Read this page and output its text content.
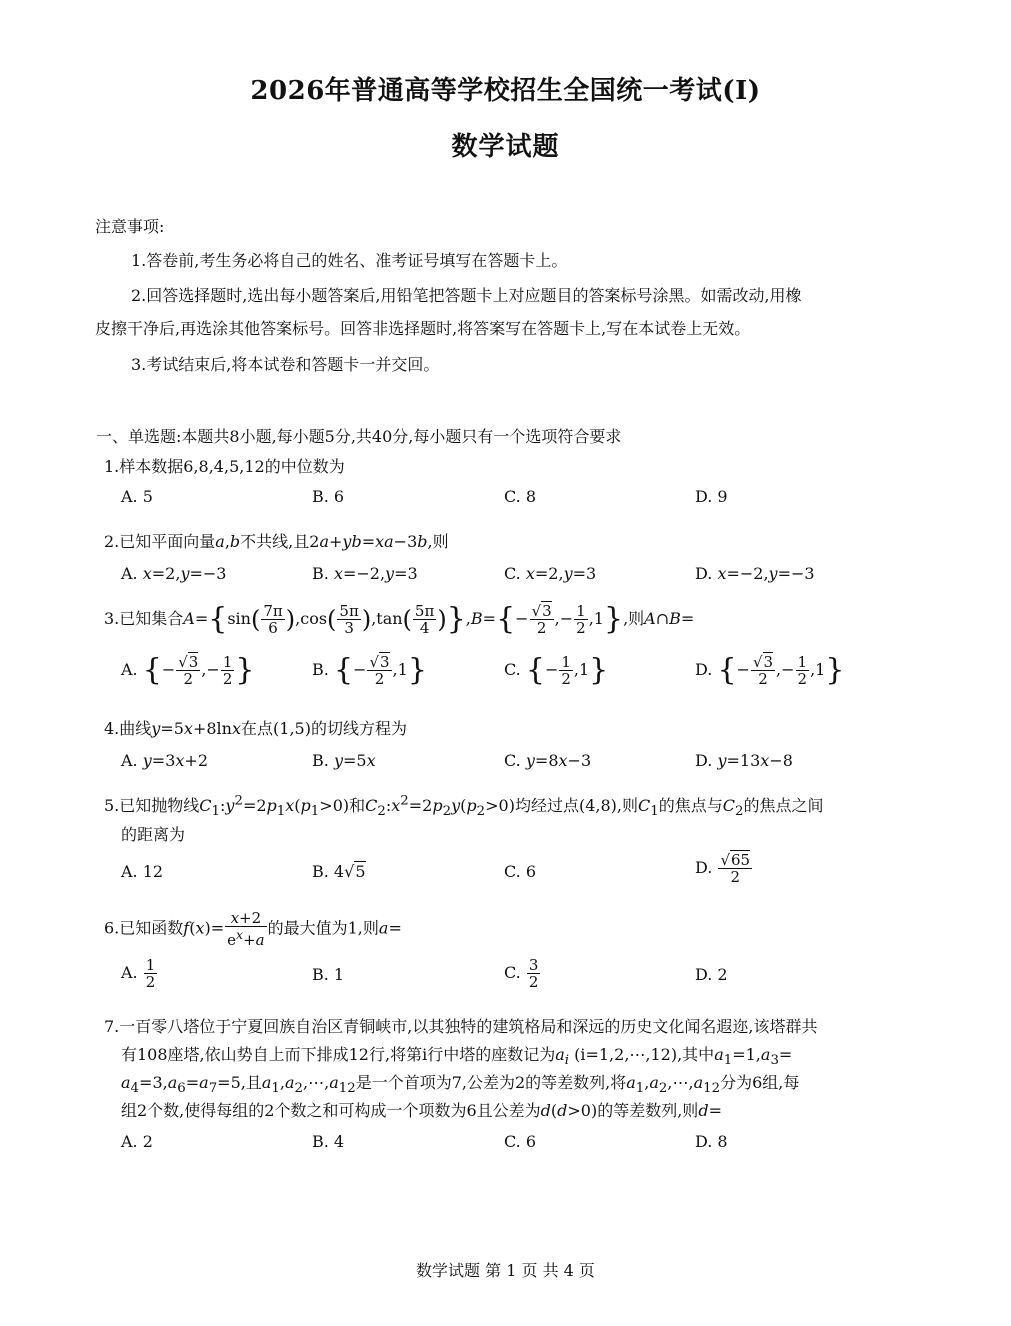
2026年普通高等学校招生全国统一考试(I)
数学试题
注意事项:
1.答卷前,考生务必将自己的姓名、准考证号填写在答题卡上。
2.回答选择题时,选出每小题答案后,用铅笔把答题卡上对应题目的答案标号涂黑。如需改动,用橡
皮擦干净后,再选涂其他答案标号。回答非选择题时,将答案写在答题卡上,写在本试卷上无效。
3.考试结束后,将本试卷和答题卡一并交回。
一、单选题:本题共8小题,每小题5分,共40分,每小题只有一个选项符合要求
1.样本数据6,8,4,5,12的中位数为
A. 5	B. 6	C. 8	D. 9
2.已知平面向量a,b不共线,且2a+yb=xa−3b,则
A. x=2,y=−3	B. x=−2,y=3	C. x=2,y=3	D. x=−2,y=−3
3.已知集合$A=\{\sin( \frac{7\pi}{6} ),\cos( \frac{5\pi}{3} ),\tan( \frac{5\pi}{4} )\},B=\{- \frac{√3}{2}$ ,− $\frac{1}{2} ,1$},则A∩B=
A. {− $\frac{√3}{2}$ ,− $\frac{1}{2}$ }	B. {− $\frac{√3}{2} ,1$}	C. {− $\frac{1}{2} ,1$}	D. {− $\frac{√3}{2}$ ,− $\frac{1}{2} ,1$}
4.曲线y=5x+8lnx在点(1,5)的切线方程为
A. y=3x+2	B. y=5x	C. y=8x−3	D. y=13x−8
5.已知抛物线$C_1:y^2=2p_1x(p_1>0)$和$C_2:x^2=2p_2y(p_2>0)$均经过点(4,8),则$C_1$的焦点与$C_2$的焦点之间
的距离为
A. 12	B. 4√5	C. 6	D. $\frac{√65}{2}$
6.已知函数$f(x)= \frac{x+2}{e^x+a}$ 的最大值为1,则a=
A. $\frac{1}{2}$	B. 1	C. $\frac{3}{2}$	D. 2
7.一百零八塔位于宁夏回族自治区青铜峡市,以其独特的建筑格局和深远的历史文化闻名遐迩,该塔群共
有108座塔,依山势自上而下排成12行,将第i行中塔的座数记为$a_i$ (i=1,2,⋯,12),其中$a_1=1,a_3=$
$a_4=3,a_6=a_7=5$,且$a_1,a_2,\cdots,a_{12}$是一个首项为7,公差为2的等差数列,将$a_1,a_2,\cdots,a_{12}$分为6组,每
组2个数,使得每组的2个数之和可构成一个项数为6且公差为d(d>0)的等差数列,则d=
A. 2	B. 4	C. 6	D. 8
数学试题 第 1 页 共 4 页
